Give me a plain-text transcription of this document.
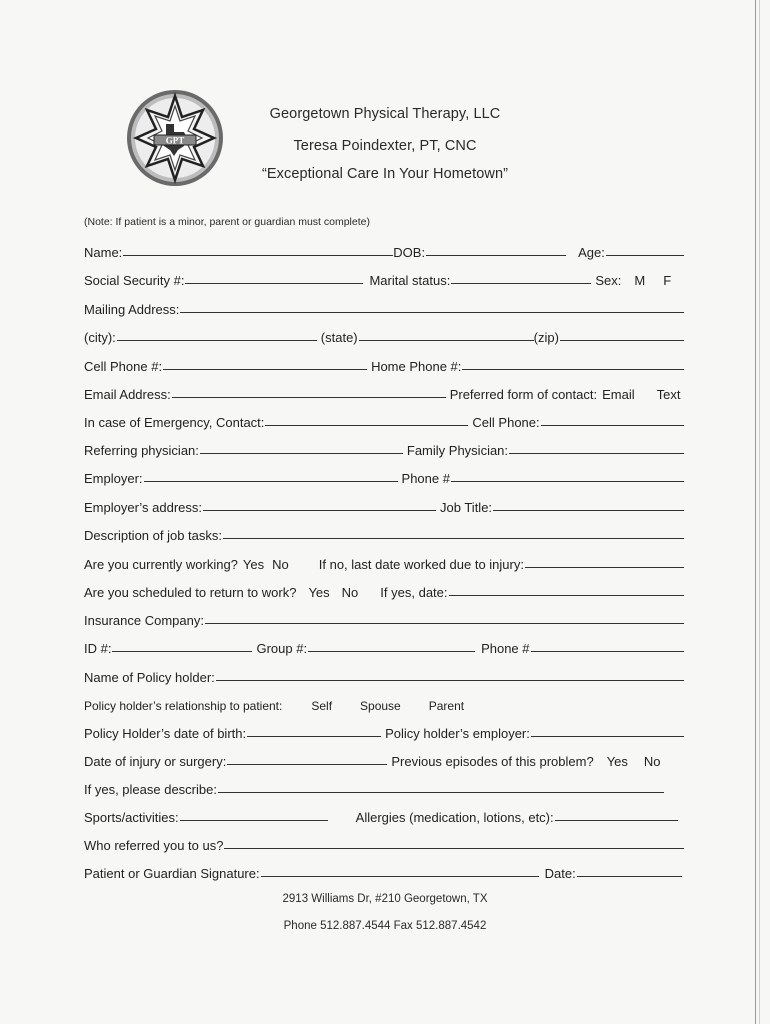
GPT
Georgetown Physical Therapy, LLC
Teresa Poindexter, PT, CNC
“Exceptional Care In Your Hometown”
(Note: If patient is a minor, parent or guardian must complete)
Name:	DOB:	Age:
Social Security #:	Marital status:	Sex:	M	F
Mailing Address:
(city):	(state)	(zip)
Cell Phone #:	Home Phone #:
Email Address:	Preferred form of contact: Email	Text
In case of Emergency, Contact:	Cell Phone:
Referring physician:	Family Physician:
Employer:	Phone #
Employer’s address:	Job Title:
Description of job tasks:
Are you currently working? Yes No	If no, last date worked due to injury:
Are you scheduled to return to work? Yes No	If yes, date:
Insurance Company:
ID #:	Group #:	Phone #
Name of Policy holder:
Policy holder’s relationship to patient:	Self	Spouse	Parent
Policy Holder’s date of birth:	Policy holder’s employer:
Date of injury or surgery:	Previous episodes of this problem?	Yes	No
If yes, please describe:
Sports/activities:	Allergies (medication, lotions, etc):
Who referred you to us?
Patient or Guardian Signature:	Date:
2913 Williams Dr, #210 Georgetown, TX
Phone 512.887.4544 Fax 512.887.4542
